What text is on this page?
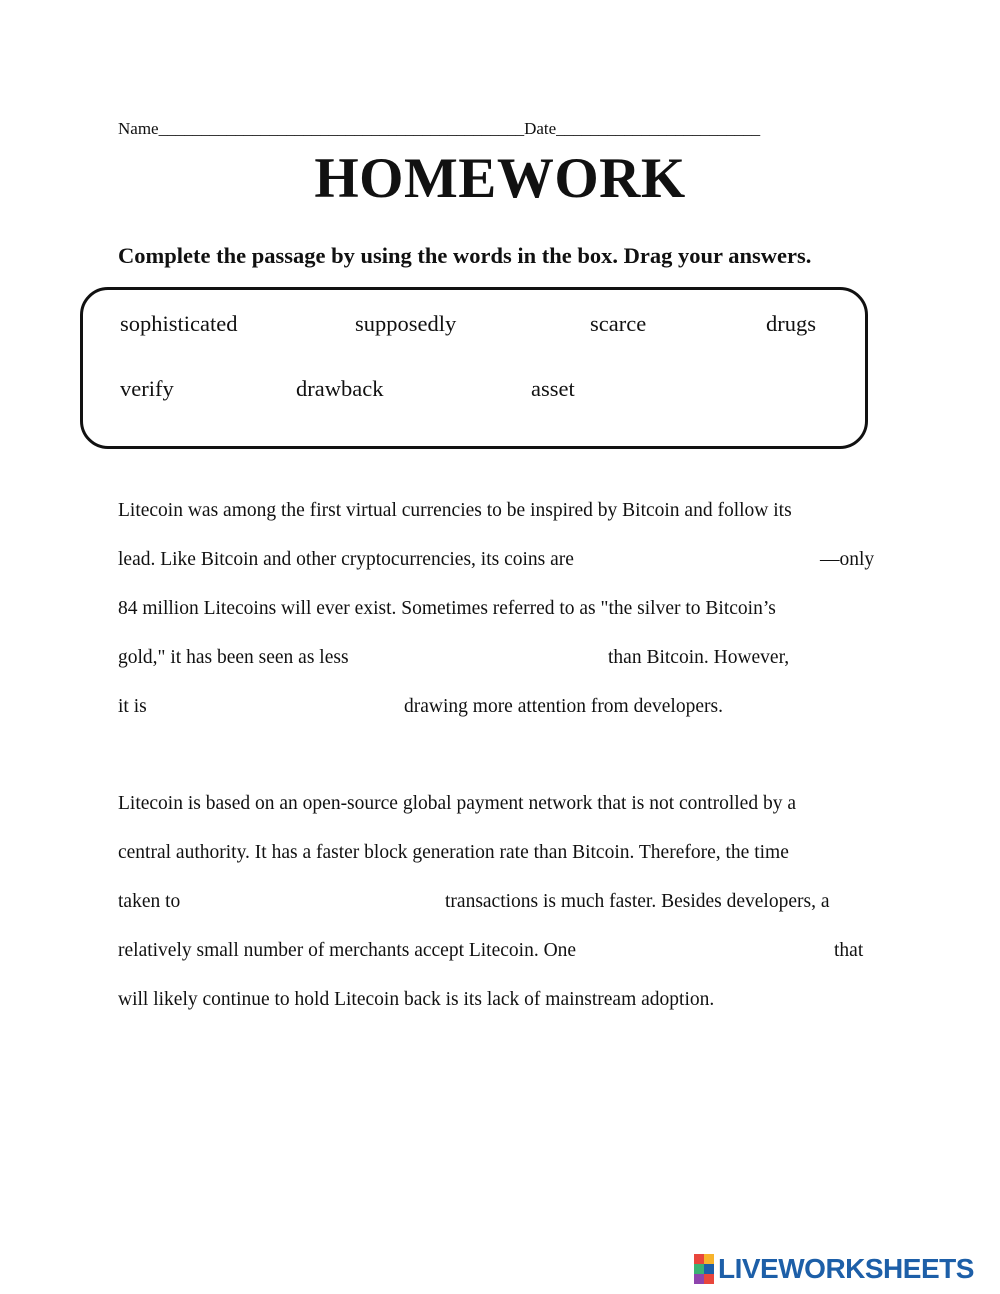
Name___________________________________________Date________________________
HOMEWORK
Complete the passage by using the words in the box. Drag your answers.
sophisticated	supposedly	scarce	drugs
verify	drawback	asset
Litecoin was among the first virtual currencies to be inspired by Bitcoin and follow its
lead. Like Bitcoin and other cryptocurrencies, its coins are	—only
84 million Litecoins will ever exist. Sometimes referred to as "the silver to Bitcoin’s
gold," it has been seen as less	than Bitcoin. However,
it is	drawing more attention from developers.
Litecoin is based on an open-source global payment network that is not controlled by a
central authority. It has a faster block generation rate than Bitcoin. Therefore, the time
taken to	transactions is much faster. Besides developers, a
relatively small number of merchants accept Litecoin. One	that
will likely continue to hold Litecoin back is its lack of mainstream adoption.
LIVEWORKSHEETS
